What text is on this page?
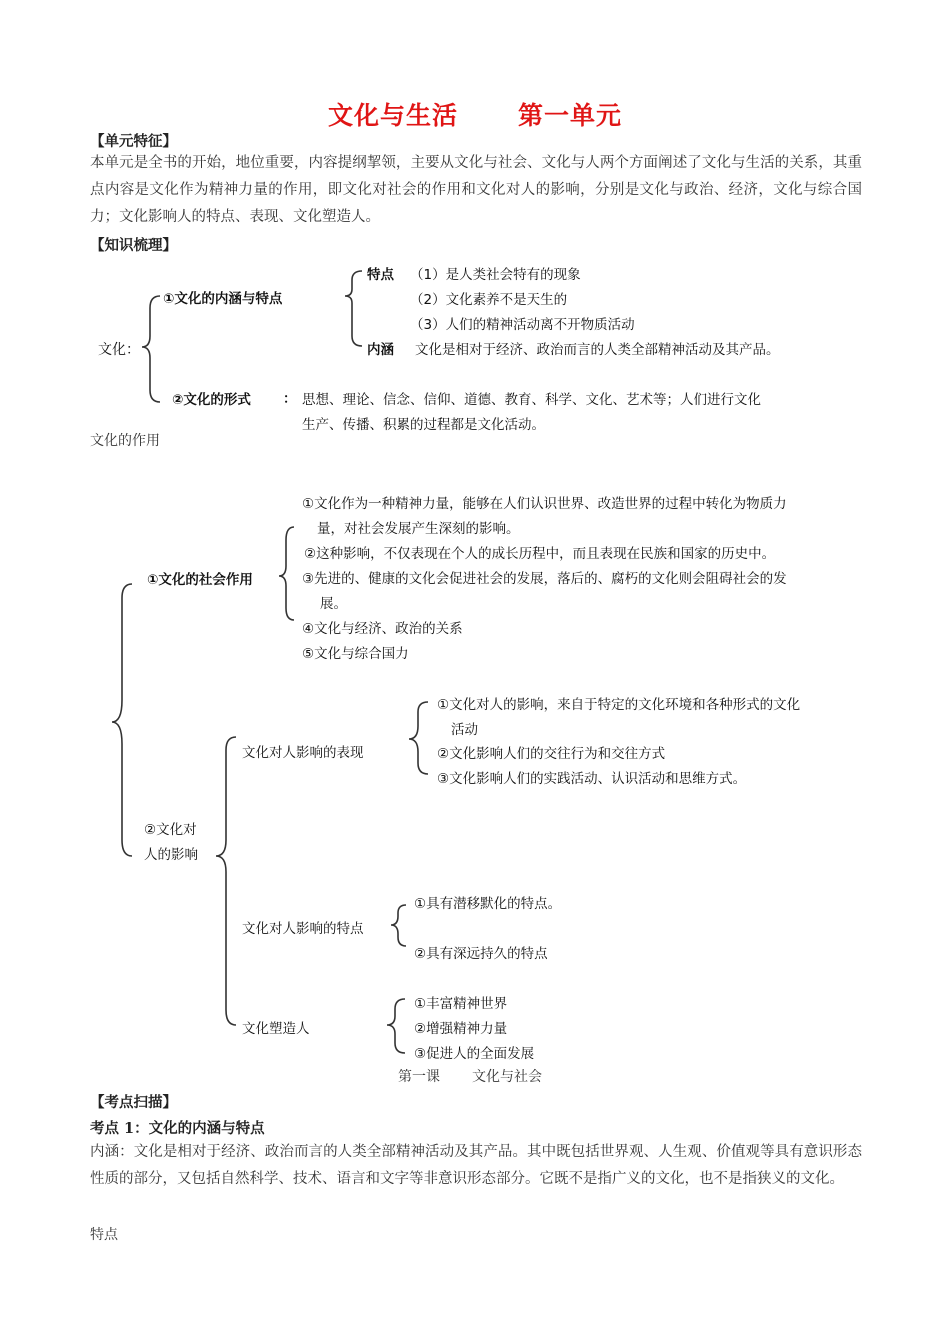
文化与生活 第一单元
【单元特征】
本单元是全书的开始，地位重要，内容提纲挈领，主要从文化与社会、文化与人两个方面阐述了文化与生活的关系，其重点内容是文化作为精神力量的作用，即文化对社会的作用和文化对人的影响，分别是文化与政治、经济，文化与综合国力；文化影响人的特点、表现、文化塑造人。
【知识梳理】
文化：
①文化的内涵与特点
特点 （1）是人类社会特有的现象
（2）文化素养不是天生的
（3）人们的精神活动离不开物质活动
内涵 文化是相对于经济、政治而言的人类全部精神活动及其产品。
②文化的形式 ： 思想、理论、信念、信仰、道德、教育、科学、文化、艺术等；人们进行文化
生产、传播、积累的过程都是文化活动。
文化的作用
①文化的社会作用
①文化作为一种精神力量，能够在人们认识世界、改造世界的过程中转化为物质力
量，对社会发展产生深刻的影响。
②这种影响，不仅表现在个人的成长历程中，而且表现在民族和国家的历史中。
③先进的、健康的文化会促进社会的发展，落后的、腐朽的文化则会阻碍社会的发
展。
④文化与经济、政治的关系
⑤文化与综合国力
②文化对
人的影响
文化对人影响的表现
①文化对人的影响，来自于特定的文化环境和各种形式的文化
活动
②文化影响人们的交往行为和交往方式
③文化影响人们的实践活动、认识活动和思维方式。
文化对人影响的特点
①具有潜移默化的特点。
②具有深远持久的特点
文化塑造人
①丰富精神世界
②增强精神力量
③促进人的全面发展
第一课 文化与社会
【考点扫描】
考点 1：文化的内涵与特点
内涵：文化是相对于经济、政治而言的人类全部精神活动及其产品。其中既包括世界观、人生观、价值观等具有意识形态性质的部分，又包括自然科学、技术、语言和文字等非意识形态部分。它既不是指广义的文化，也不是指狭义的文化。
特点
